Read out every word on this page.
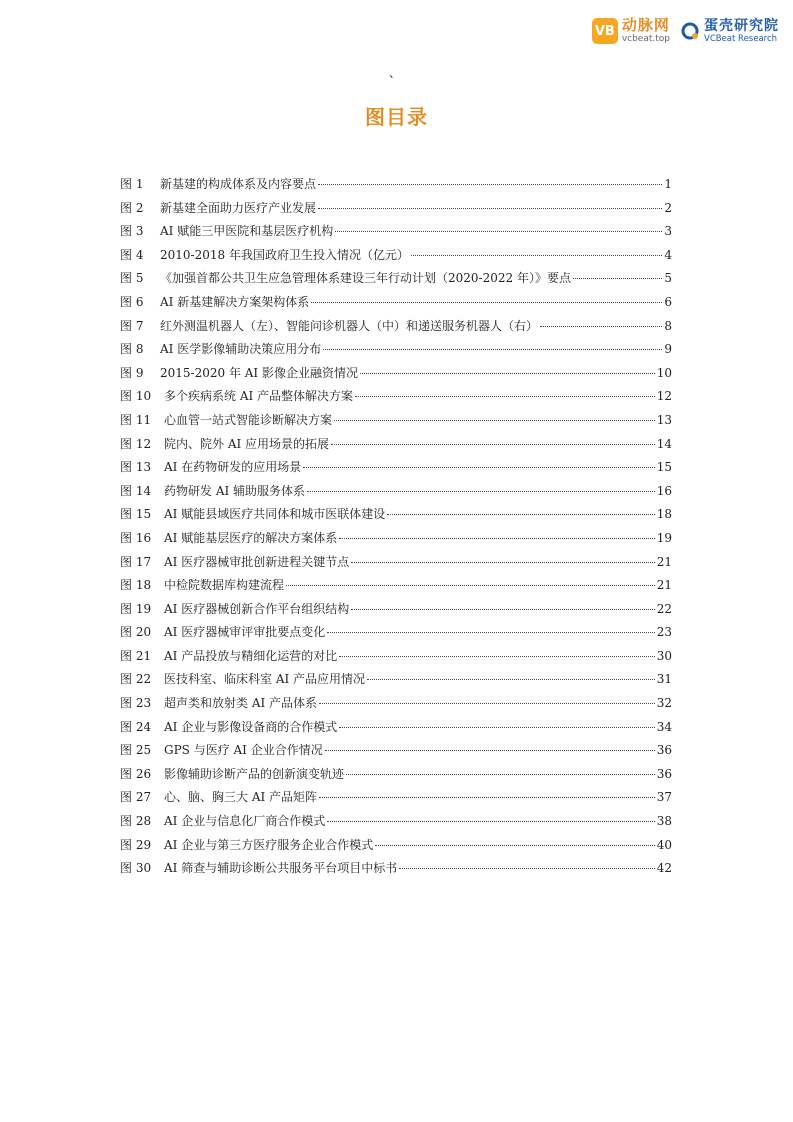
VB 动脉网
vcbeat.top
蛋壳研究院
VCBeat Research
、
图目录
图 1	新基建的构成体系及内容要点	1
图 2	新基建全面助力医疗产业发展	2
图 3	AI 赋能三甲医院和基层医疗机构	3
图 4	2010-2018 年我国政府卫生投入情况（亿元）	4
图 5	《加强首都公共卫生应急管理体系建设三年行动计划（2020-2022 年）》要点	5
图 6	AI 新基建解决方案架构体系	6
图 7	红外测温机器人（左）、智能问诊机器人（中）和递送服务机器人（右）	8
图 8	AI 医学影像辅助决策应用分布	9
图 9	2015-2020 年 AI 影像企业融资情况	10
图 10	多个疾病系统 AI 产品整体解决方案	12
图 11	心血管一站式智能诊断解决方案	13
图 12	院内、院外 AI 应用场景的拓展	14
图 13	AI 在药物研发的应用场景	15
图 14	药物研发 AI 辅助服务体系	16
图 15	AI 赋能县域医疗共同体和城市医联体建设	18
图 16	AI 赋能基层医疗的解决方案体系	19
图 17	AI 医疗器械审批创新进程关键节点	21
图 18	中检院数据库构建流程	21
图 19	AI 医疗器械创新合作平台组织结构	22
图 20	AI 医疗器械审评审批要点变化	23
图 21	AI 产品投放与精细化运营的对比	30
图 22	医技科室、临床科室 AI 产品应用情况	31
图 23	超声类和放射类 AI 产品体系	32
图 24	AI 企业与影像设备商的合作模式	34
图 25	GPS 与医疗 AI 企业合作情况	36
图 26	影像辅助诊断产品的创新演变轨迹	36
图 27	心、脑、胸三大 AI 产品矩阵	37
图 28	AI 企业与信息化厂商合作模式	38
图 29	AI 企业与第三方医疗服务企业合作模式	40
图 30	AI 筛查与辅助诊断公共服务平台项目中标书	42
